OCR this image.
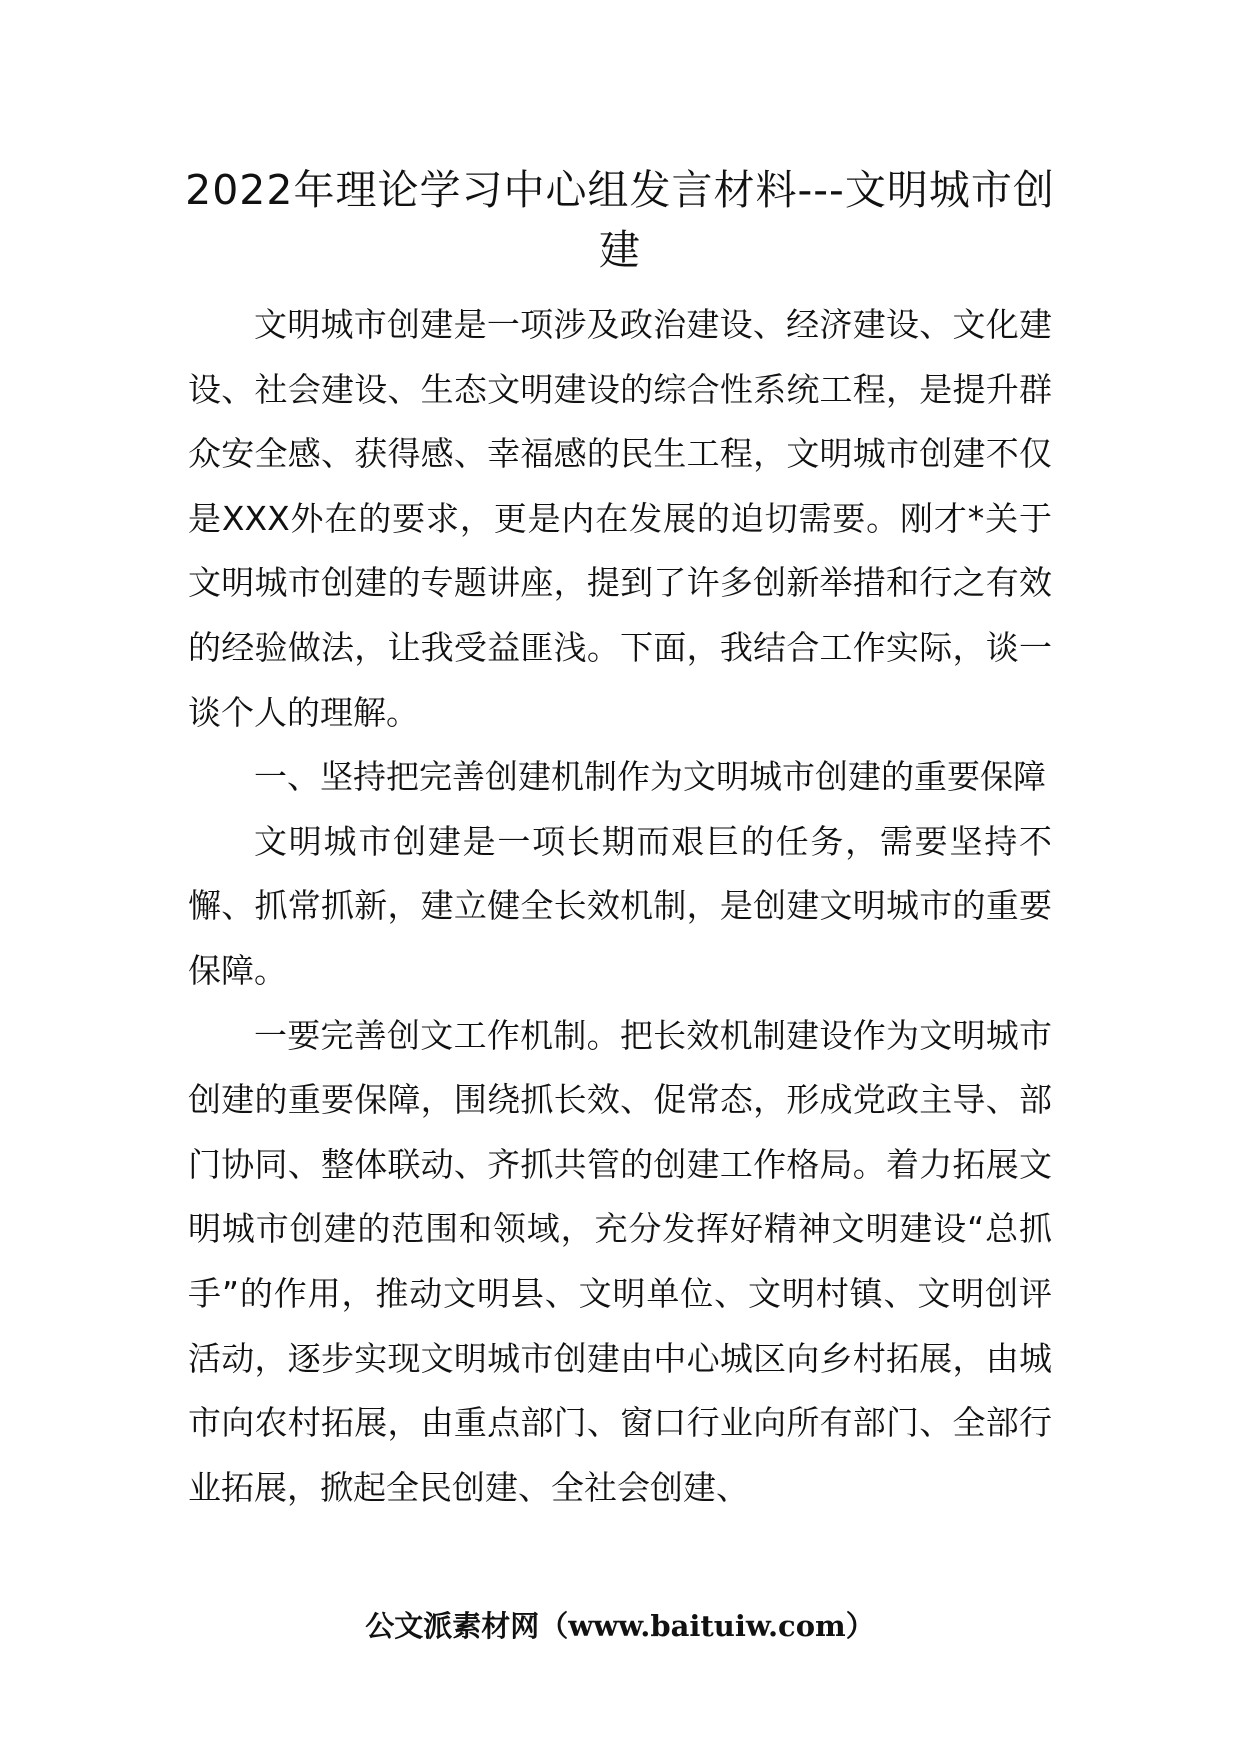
2022年理论学习中心组发言材料---文明城市创建

文明城市创建是一项涉及政治建设、经济建设、文化建设、社会建设、生态文明建设的综合性系统工程，是提升群众安全感、获得感、幸福感的民生工程，文明城市创建不仅是XXX外在的要求，更是内在发展的迫切需要。刚才*关于文明城市创建的专题讲座，提到了许多创新举措和行之有效的经验做法，让我受益匪浅。下面，我结合工作实际，谈一谈个人的理解。

一、坚持把完善创建机制作为文明城市创建的重要保障

文明城市创建是一项长期而艰巨的任务，需要坚持不懈、抓常抓新，建立健全长效机制，是创建文明城市的重要保障。

一要完善创文工作机制。把长效机制建设作为文明城市创建的重要保障，围绕抓长效、促常态，形成党政主导、部门协同、整体联动、齐抓共管的创建工作格局。着力拓展文明城市创建的范围和领域，充分发挥好精神文明建设“总抓手”的作用，推动文明县、文明单位、文明村镇、文明创评活动，逐步实现文明城市创建由中心城区向乡村拓展，由城市向农村拓展，由重点部门、窗口行业向所有部门、全部行业拓展，掀起全民创建、全社会创建、

公文派素材网（www.baituiw.com）
